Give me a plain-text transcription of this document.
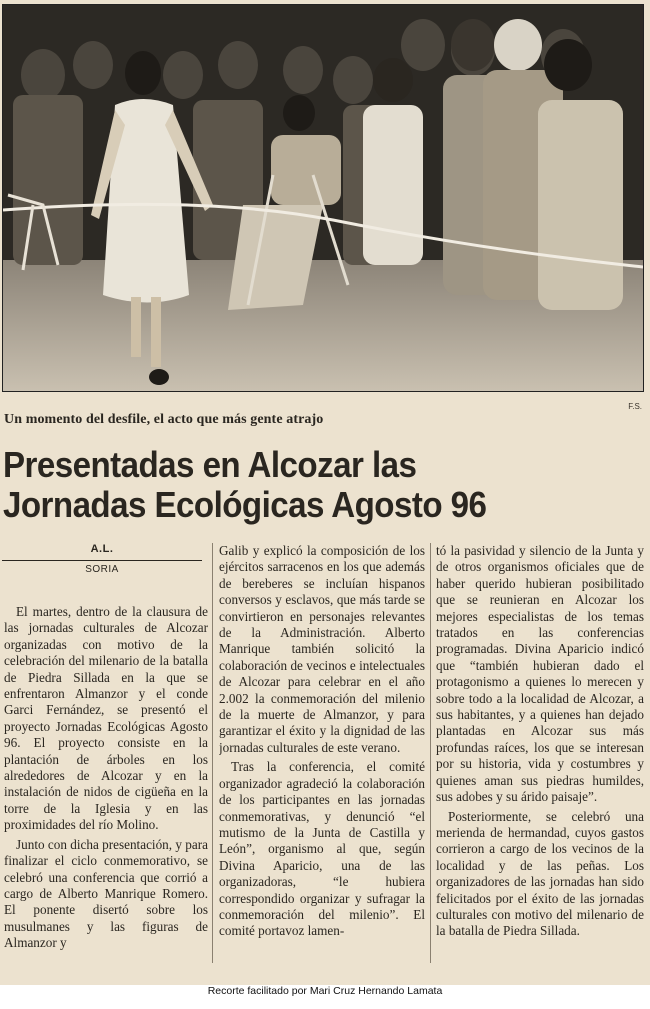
F.S.
Un momento del desfile, el acto que más gente atrajo
Presentadas en Alcozar las
Jornadas Ecológicas Agosto 96
A.L.
SORIA

El martes, dentro de la clausura de las jornadas culturales de Alcozar organizadas con motivo de la celebración del milenario de la batalla de Piedra Sillada en la que se enfrentaron Almanzor y el conde Garci Fernández, se presentó el proyecto Jornadas Ecológicas Agosto 96. El proyecto consiste en la plantación de árboles en los alrededores de Alcozar y en la instalación de nidos de cigüeña en la torre de la Iglesia y en las proximidades del río Molino.

Junto con dicha presentación, y para finalizar el ciclo conmemorativo, se celebró una conferencia que corrió a cargo de Alberto Manrique Romero. El ponente disertó sobre los musulmanes y las figuras de Almanzor y

Galib y explicó la composición de los ejércitos sarracenos en los que además de bereberes se incluían hispanos conversos y esclavos, que más tarde se convirtieron en personajes relevantes de la Administración. Alberto Manrique también solicitó la colaboración de vecinos e intelectuales de Alcozar para celebrar en el año 2.002 la conmemoración del milenio de la muerte de Almanzor, y para garantizar el éxito y la dignidad de las jornadas culturales de este verano.

Tras la conferencia, el comité organizador agradeció la colaboración de los participantes en las jornadas conmemorativas, y denunció “el mutismo de la Junta de Castilla y León”, organismo al que, según Divina Aparicio, una de las organizadoras, “le hubiera correspondido organizar y sufragar la conmemoración del milenio”. El comité portavoz lamen-

tó la pasividad y silencio de la Junta y de otros organismos oficiales que de haber querido hubieran posibilitado que se reunieran en Alcozar los mejores especialistas de los temas tratados en las conferencias programadas. Divina Aparicio indicó que “también hubieran dado el protagonismo a quienes lo merecen y sobre todo a la localidad de Alcozar, a sus habitantes, y a quienes han dejado plantadas en Alcozar sus más profundas raíces, los que se interesan por su historia, vida y costumbres y quienes aman sus piedras humildes, sus adobes y su árido paisaje”.

Posteriormente, se celebró una merienda de hermandad, cuyos gastos corrieron a cargo de los vecinos de la localidad y de las peñas. Los organizadores de las jornadas han sido felicitados por el éxito de las jornadas culturales con motivo del milenario de la batalla de Piedra Sillada.

Recorte facilitado por Mari Cruz Hernando Lamata
